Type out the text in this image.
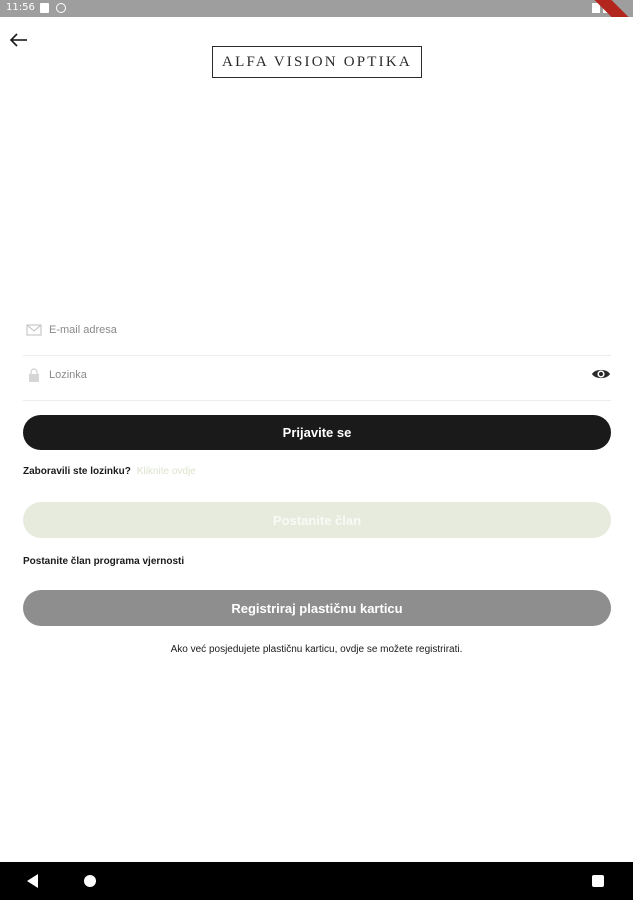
11:56
ALFA VISION OPTIKA
E-mail adresa
Prijavite se
Zaboravili ste lozinku? Kliknite ovdje
Postanite član
Postanite član programa vjernosti
Registriraj plastičnu karticu
Ako već posjedujete plastičnu karticu, ovdje se možete registrirati.
